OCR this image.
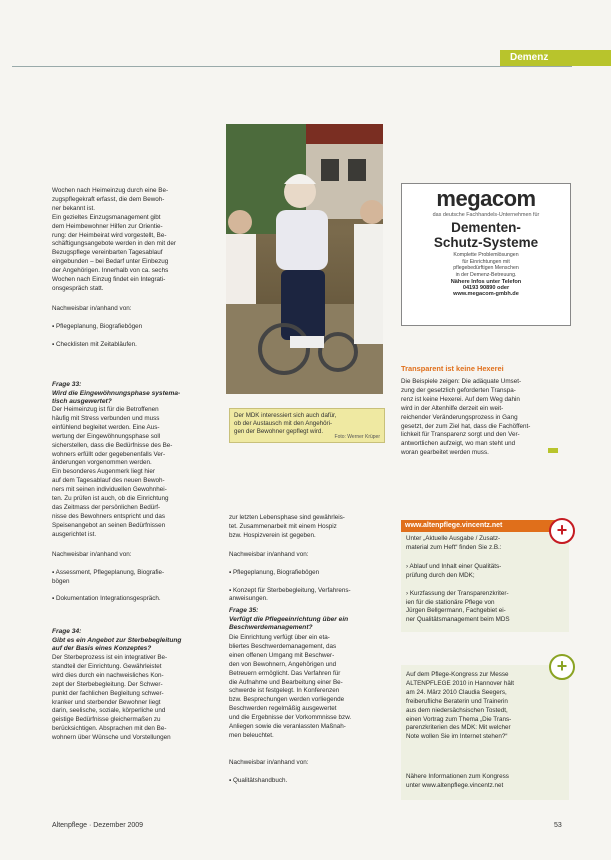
Demenz
Wochen nach Heimeinzug durch eine Be-
zugspflegekraft erfasst, die dem Bewoh-
ner bekannt ist.
Ein gezieltes Einzugsmanagement gibt
dem Heimbewohner Hilfen zur Orientie-
rung: der Heimbeirat wird vorgestellt, Be-
schäftigungsangebote werden in den mit der
Bezugspflege vereinbarten Tagesablauf
eingebunden – bei Bedarf unter Einbezug
der Angehörigen. Innerhalb von ca. sechs
Wochen nach Einzug findet ein Integrati-
onsgespräch statt.

Nachweisbar in/anhand von:

▪ Pflegeplanung, Biografiebögen

▪ Checklisten mit Zeitabläufen.

Frage 33:
Wird die Eingewöhnungsphase systema-
tisch ausgewertet?
Der Heimeinzug ist für die Betroffenen
häufig mit Stress verbunden und muss
einfühlend begleitet werden. Eine Aus-
wertung der Eingewöhnungsphase soll
sicherstellen, dass die Bedürfnisse des Be-
wohners erfüllt oder gegebenenfalls Ver-
änderungen vorgenommen werden.
Ein besonderes Augenmerk liegt hier
auf dem Tagesablauf des neuen Bewoh-
ners mit seinen individuellen Gewohnhei-
ten. Zu prüfen ist auch, ob die Einrichtung
das Zeitmass der persönlichen Bedürf-
nisse des Bewohners entspricht und das
Speisenangebot an seinen Bedürfnissen
ausgerichtet ist.

Nachweisbar in/anhand von:

▪ Assessment, Pflegeplanung, Biografie-
bögen

▪ Dokumentation Integrationsgespräch.

Frage 34:
Gibt es ein Angebot zur Sterbebegleitung
auf der Basis eines Konzeptes?
Der Sterbeprozess ist ein integrativer Be-
standteil der Einrichtung. Gewährleistet
wird dies durch ein nachweisliches Kon-
zept der Sterbebegleitung. Der Schwer-
punkt der fachlichen Begleitung schwer-
kranker und sterbender Bewohner liegt
darin, seelische, soziale, körperliche und
geistige Bedürfnisse gleichermaßen zu
berücksichtigen. Absprachen mit den Be-
wohnern über Wünsche und Vorstellungen
Der MDK interessiert sich auch dafür,
ob der Austausch mit den Angehöri-
gen der Bewohner gepflegt wird.
Foto: Werner Krüper
zur letzten Lebensphase sind gewährleis-
tet. Zusammenarbeit mit einem Hospiz
bzw. Hospizverein ist gegeben.

Nachweisbar in/anhand von:

▪ Pflegeplanung, Biografiebögen

▪ Konzept für Sterbebegleitung, Verfahrens-
anweisungen.

Frage 35:
Verfügt die Pflegeeinrichtung über ein
Beschwerdemanagement?
Die Einrichtung verfügt über ein eta-
bliertes Beschwerdemanagement, das
einen offenen Umgang mit Beschwer-
den von Bewohnern, Angehörigen und
Betreuern ermöglicht. Das Verfahren für
die Aufnahme und Bearbeitung einer Be-
schwerde ist festgelegt. In Konferenzen
bzw. Besprechungen werden vorliegende
Beschwerden regelmäßig ausgewertet
und die Ergebnisse der Vorkommnisse bzw.
Anliegen sowie die veranlassten Maßnah-
men beleuchtet.

Nachweisbar in/anhand von:

▪ Qualitätshandbuch.

megacom
das deutsche Fachhandels-Unternehmen für
Dementen-
Schutz-Systeme
Komplette Problemlösungen
für Einrichtungen mit
pflegebedürftigen Menschen
in der Demenz-Betreuung.
Nähere Infos unter Telefon
04193 90890 oder
www.megacom-gmbh.de
Transparent ist keine Hexerei
Die Beispiele zeigen: Die adäquate Umset-
zung der gesetzlich geforderten Transpa-
renz ist keine Hexerei. Auf dem Weg dahin
wird in der Altenhilfe derzeit ein weit-
reichender Veränderungsprozess in Gang
gesetzt, der zum Ziel hat, dass die Fachöffent-
lichkeit für Transparenz sorgt und den Ver-
antwortlichen aufzeigt, wo man steht und
woran gearbeitet werden muss.
www.altenpflege.vincentz.net
Unter „Aktuelle Ausgabe / Zusatz-
material zum Heft“ finden Sie z.B.:

› Ablauf und Inhalt einer Qualitäts-
prüfung durch den MDK;

› Kurzfassung der Transparenzkriter-
ien für die stationäre Pflege von
Jürgen Bellgermann, Fachgebiet ei-
ner Qualitätsmanagement beim MDS

+
Auf dem Pflege-Kongress zur Messe
ALTENPFLEGE 2010 in Hannover hält
am 24. März 2010 Claudia Seegers,
freiberufliche Beraterin und Trainerin
aus dem niedersächsischen Tostedt,
einen Vortrag zum Thema „Die Trans-
parenzkriterien des MDK: Mit welcher
Note wollen Sie im Internet stehen?“
Nähere Informationen zum Kongress
unter www.altenpflege.vincentz.net
+
Altenpflege · Dezember 2009	53
